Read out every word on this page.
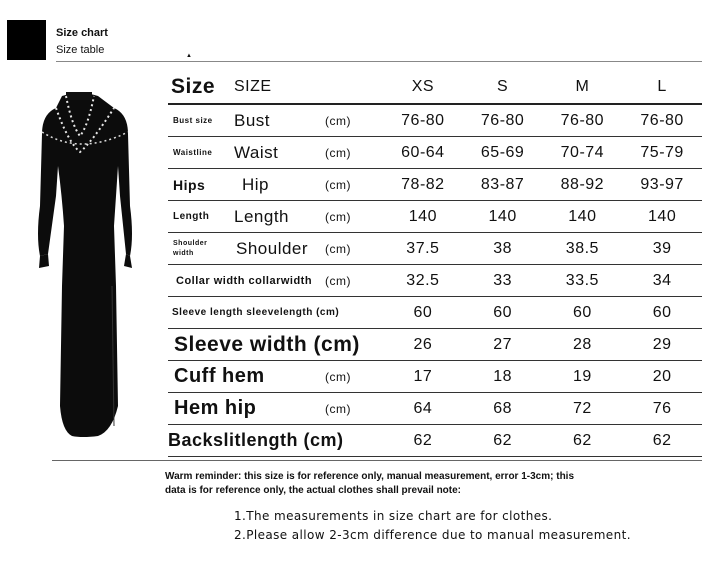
Size chart
Size table	▲
Size	SIZE		XS	S	M	L
Bust size	Bust	(cm)	76-80	76-80	76-80	76-80
Waistline	Waist	(cm)	60-64	65-69	70-74	75-79
Hips	Hip	(cm)	78-82	83-87	88-92	93-97
Length	Length	(cm)	140	140	140	140
Shoulder width	Shoulder	(cm)	37.5	38	38.5	39
Collar width collarwidth		(cm)	32.5	33	33.5	34
Sleeve length sleevelength (cm)			60	60	60	60
Sleeve width (cm)			26	27	28	29
Cuff hem		(cm)	17	18	19	20
Hem hip		(cm)	64	68	72	76
Backslitlength (cm)			62	62	62	62
Warm reminder: this size is for reference only, manual measurement, error 1-3cm; this data is for reference only, the actual clothes shall prevail note:
1.The measurements in size chart are for clothes.
2.Please allow 2-3cm difference due to manual measurement.
